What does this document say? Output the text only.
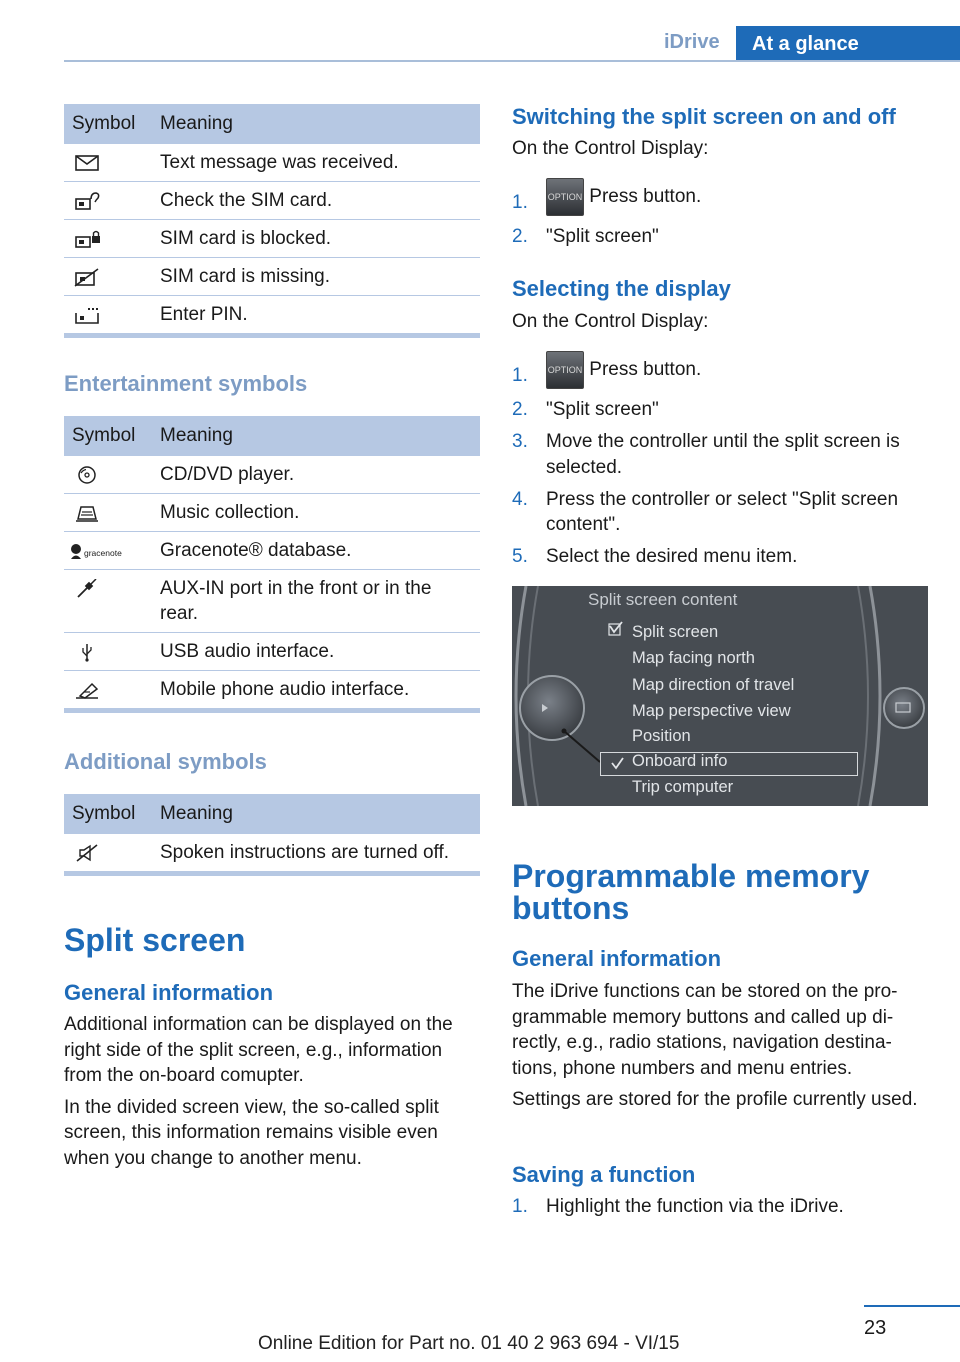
iDrive	At a glance
Symbol	Meaning
	Text message was received.
	Check the SIM card.
	SIM card is blocked.
	SIM card is missing.
	Enter PIN.
Entertainment symbols
Symbol	Meaning
	CD/DVD player.
	Music collection.

gracenote	Gracenote® database.
	AUX-IN port in the front or in the rear.
	USB audio interface.
	Mobile phone audio interface.
Additional symbols
Symbol	Meaning
	Spoken instructions are turned off.
Split screen
General information

Additional information can be displayed on the right side of the split screen, e.g., information from the on-board comupter.

In the divided screen view, the so-called split screen, this information remains visible even when you change to another menu.

Switching the split screen on and off

On the Control Display:

1. OPTION Press button.
2. "Split screen"
Selecting the display

On the Control Display:

1. OPTION Press button.
2. "Split screen"
3. Move the controller until the split screen is selected.
4. Press the controller or select "Split screen content".
5. Select the desired menu item.
Split screen content
Split screen
Map facing north
Map direction of travel
Map perspective view
Position
Onboard info
Trip computer
Programmable memory buttons
General information

The iDrive functions can be stored on the pro‐grammable memory buttons and called up di‐rectly, e.g., radio stations, navigation destina‐tions, phone numbers and menu entries.

Settings are stored for the profile currently used.

Saving a function
1. Highlight the function via the iDrive.
23
Online Edition for Part no. 01 40 2 963 694 - VI/15
